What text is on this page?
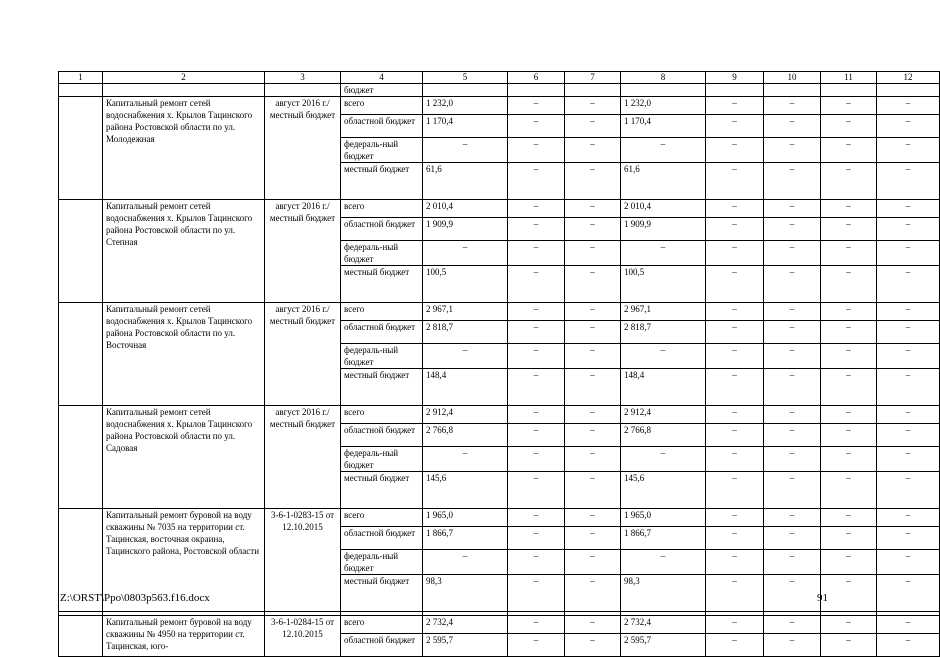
1	2	3	4	5	6	7	8	9	10	11	12
			бюджет								
	Капитальный ремонт сетей водоснабжения х. Крылов Тацинского района Ростовской области по ул. Молодежная	август 2016 г./ местный бюджет	всего	1 232,0	–	–	1 232,0	–	–	–	–
			областной бюджет	1 170,4	–	–	1 170,4	–	–	–	–
			федераль-ный бюджет	–	–	–	–	–	–	–	–
			местный бюджет	61,6	–	–	61,6	–	–	–	–
	Капитальный ремонт сетей водоснабжения х. Крылов Тацинского района Ростовской области по ул. Степная	август 2016 г./ местный бюджет	всего	2 010,4	–	–	2 010,4	–	–	–	–
			областной бюджет	1 909,9	–	–	1 909,9	–	–	–	–
			федераль-ный бюджет	–	–	–	–	–	–	–	–
			местный бюджет	100,5	–	–	100,5	–	–	–	–
	Капитальный ремонт сетей водоснабжения х. Крылов Тацинского района Ростовской области по ул. Восточная	август 2016 г./ местный бюджет	всего	2 967,1	–	–	2 967,1	–	–	–	–
			областной бюджет	2 818,7	–	–	2 818,7	–	–	–	–
			федераль-ный бюджет	–	–	–	–	–	–	–	–
			местный бюджет	148,4	–	–	148,4	–	–	–	–
	Капитальный ремонт сетей водоснабжения х. Крылов Тацинского района Ростовской области по ул. Садовая	август 2016 г./ местный бюджет	всего	2 912,4	–	–	2 912,4	–	–	–	–
			областной бюджет	2 766,8	–	–	2 766,8	–	–	–	–
			федераль-ный бюджет	–	–	–	–	–	–	–	–
			местный бюджет	145,6	–	–	145,6	–	–	–	–
	Капитальный ремонт буровой на воду скважины № 7035 на территории ст. Тацинская, восточная окраина, Тацинского района, Ростовской области	3-6-1-0283-15 от 12.10.2015	всего	1 965,0	–	–	1 965,0	–	–	–	–
			областной бюджет	1 866,7	–	–	1 866,7	–	–	–	–
			федераль-ный бюджет	–	–	–	–	–	–	–	–
			местный бюджет	98,3	–	–	98,3	–	–	–	–

	Капитальный ремонт буровой на воду скважины № 4950 на территории ст. Тацинская, юго-	3-6-1-0284-15 от 12.10.2015	всего	2 732,4	–	–	2 732,4	–	–	–	–
			областной бюджет	2 595,7	–	–	2 595,7	–	–	–	–
Z:\ORST\Ppo\0803p563.f16.docx	91
